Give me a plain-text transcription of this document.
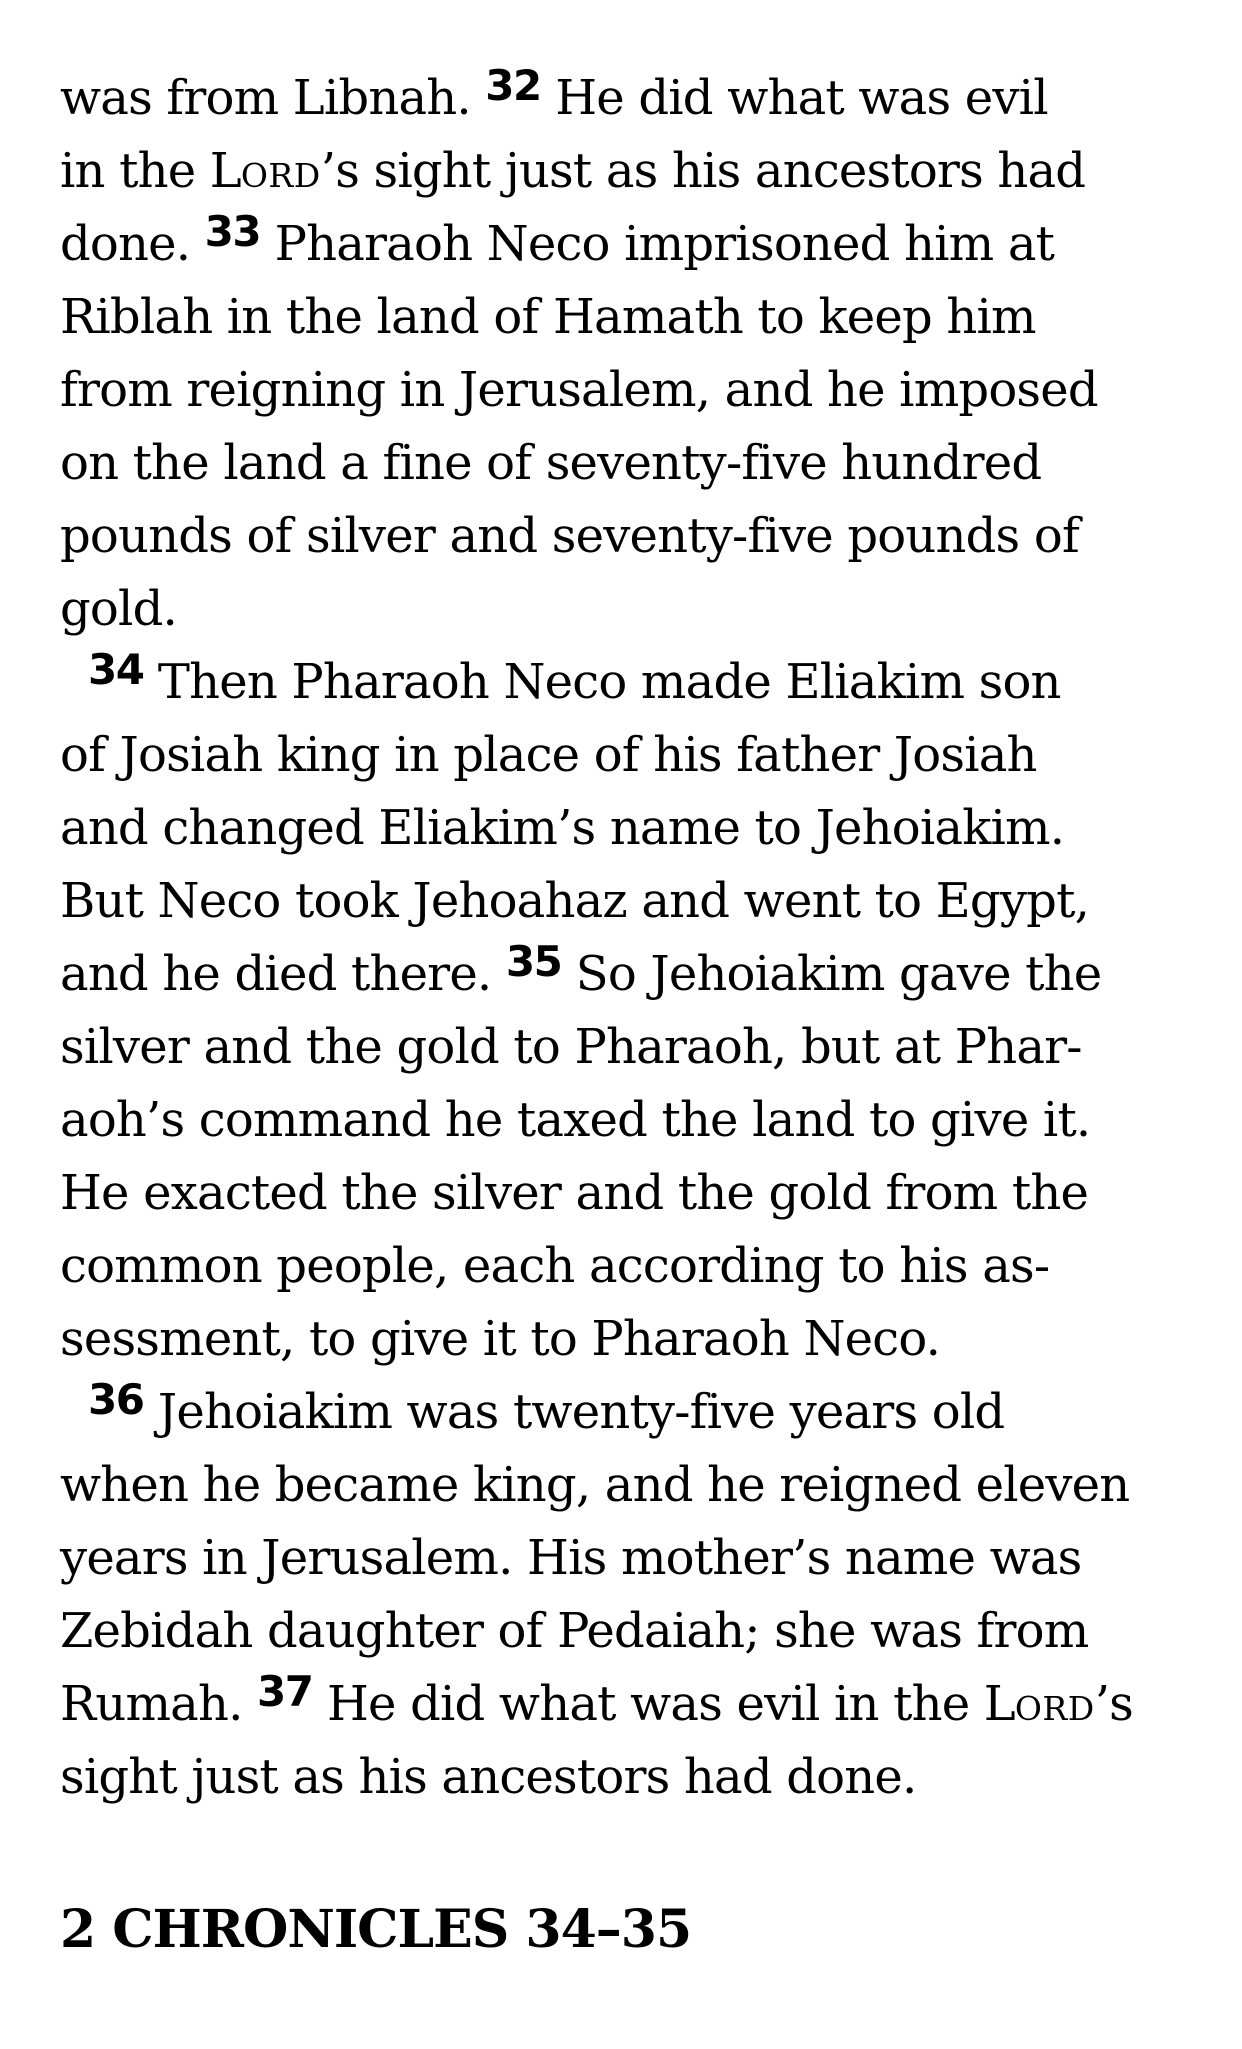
was from Libnah. 32 He did what was evil
in the LORD’s sight just as his ancestors had
done. 33 Pharaoh Neco imprisoned him at
Riblah in the land of Hamath to keep him
from reigning in Jerusalem, and he imposed
on the land a fine of seventy-five hundred
pounds of silver and seventy-five pounds of
gold.
34 Then Pharaoh Neco made Eliakim son
of Josiah king in place of his father Josiah
and changed Eliakim’s name to Jehoiakim.
But Neco took Jehoahaz and went to Egypt,
and he died there. 35 So Jehoiakim gave the
silver and the gold to Pharaoh, but at Phar-
aoh’s command he taxed the land to give it.
He exacted the silver and the gold from the
common people, each according to his as-
sessment, to give it to Pharaoh Neco.
36 Jehoiakim was twenty-five years old
when he became king, and he reigned eleven
years in Jerusalem. His mother’s name was
Zebidah daughter of Pedaiah; she was from
Rumah. 37 He did what was evil in the LORD’s
sight just as his ancestors had done.
2 CHRONICLES 34–35
